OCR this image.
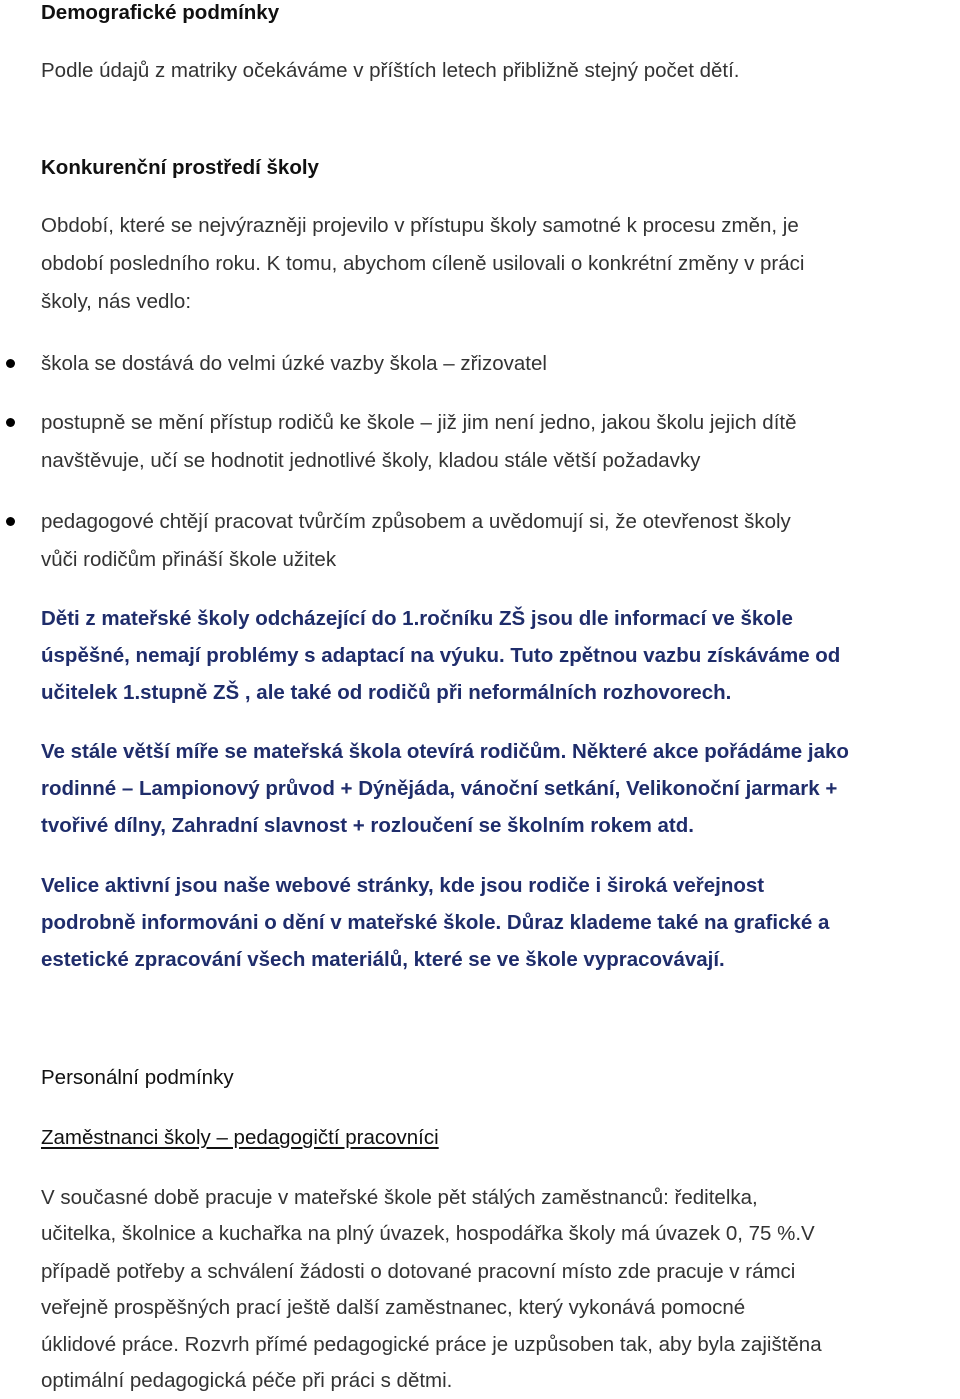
Demografické podmínky
Podle údajů z matriky očekáváme v příštích letech přibližně stejný počet dětí.
Konkurenční prostředí školy
Období, které se nejvýrazněji projevilo v přístupu školy samotné k procesu změn, je
období posledního roku. K tomu, abychom cíleně usilovali o konkrétní změny v práci
školy, nás vedlo:
škola se dostává do velmi úzké vazby škola – zřizovatel
postupně se mění přístup rodičů ke škole – již jim není jedno, jakou školu jejich dítě
navštěvuje, učí se hodnotit jednotlivé školy, kladou stále větší požadavky
pedagogové chtějí pracovat tvůrčím způsobem a uvědomují si, že otevřenost školy
vůči rodičům přináší škole užitek
Děti z mateřské školy odcházející do 1.ročníku ZŠ jsou dle informací ve škole
úspěšné, nemají problémy s adaptací na výuku. Tuto zpětnou vazbu získáváme od
učitelek 1.stupně ZŠ , ale také od rodičů při neformálních rozhovorech.
Ve stále větší míře se mateřská škola otevírá rodičům. Některé akce pořádáme jako
rodinné – Lampionový průvod + Dýnějáda, vánoční setkání, Velikonoční jarmark +
tvořivé dílny, Zahradní slavnost + rozloučení se školním rokem atd.
Velice aktivní jsou naše webové stránky, kde jsou rodiče i široká veřejnost
podrobně informováni o dění v mateřské škole. Důraz klademe také na grafické a
estetické zpracování všech materiálů, které se ve škole vypracovávají.
Personální podmínky
Zaměstnanci školy – pedagogičtí pracovníci
V současné době pracuje v mateřské škole pět stálých zaměstnanců: ředitelka,
učitelka, školnice a kuchařka na plný úvazek, hospodářka školy má úvazek 0, 75 %.V
případě potřeby a schválení žádosti o dotované pracovní místo zde pracuje v rámci
veřejně prospěšných prací ještě další zaměstnanec, který vykonává pomocné
úklidové práce. Rozvrh přímé pedagogické práce je uzpůsoben tak, aby byla zajištěna
optimální pedagogická péče při práci s dětmi.
